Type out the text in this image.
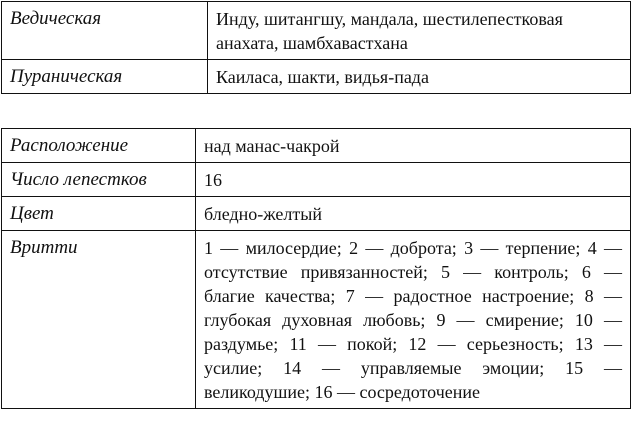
Ведическая	Инду, шитангшу, мандала, шестилепестковая анахата, шамбхавастхана
Пураническая	Каиласа, шакти, видья-пада
Расположение	над манас-чакрой
Число лепестков	16
Цвет	бледно-желтый
Вритти	1 — милосердие; 2 — доброта; 3 — терпение; 4 — отсутствие привязанностей; 5 — контроль; 6 — благие качества; 7 — радостное настроение; 8 — глубокая духовная любовь; 9 — смирение; 10 — раздумье; 11 — покой; 12 — серьезность; 13 — усилие; 14 — управляемые эмоции; 15 — великодушие; 16 — сосредоточение
